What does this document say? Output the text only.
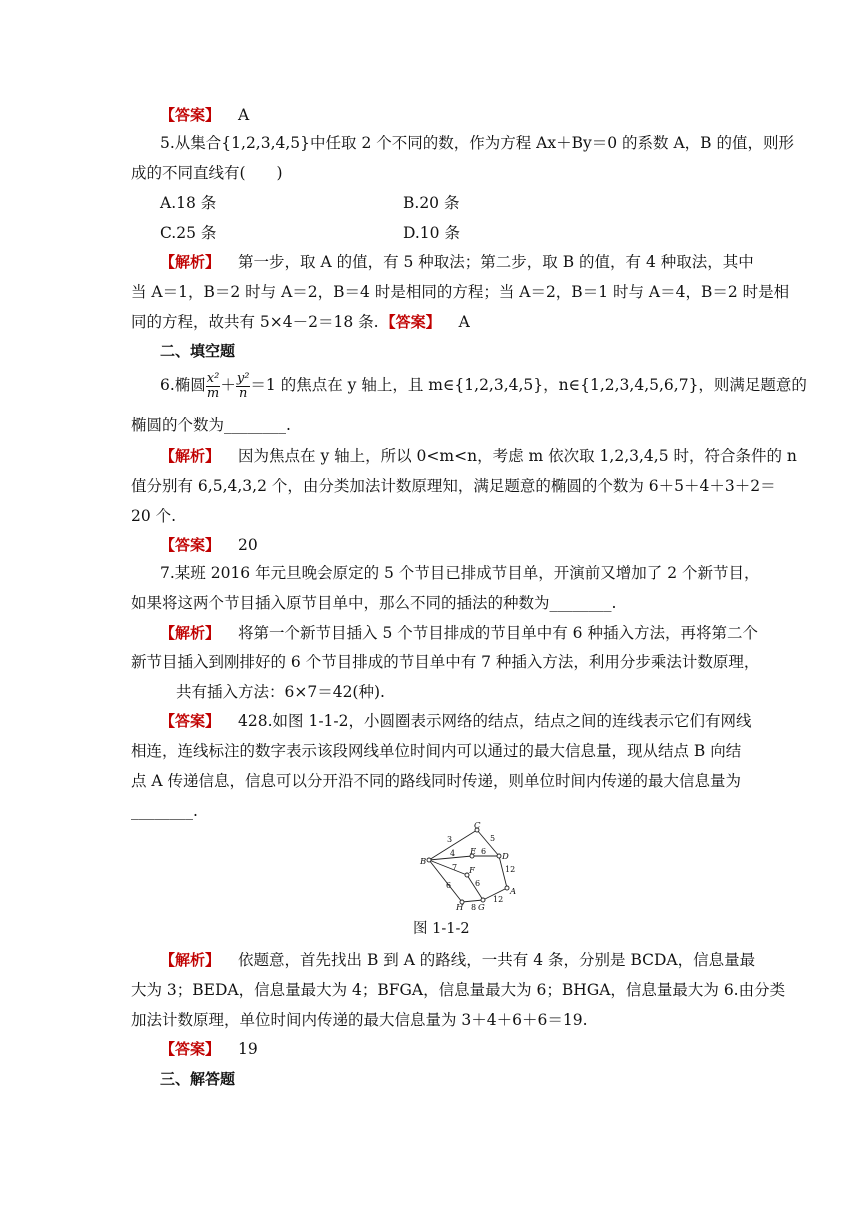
【答案】 A
5.从集合{1,2,3,4,5}中任取 2 个不同的数，作为方程 Ax＋By＝0 的系数 A，B 的值，则形
成的不同直线有(　　)
A.18 条	B.20 条
C.25 条	D.10 条
【解析】 第一步，取 A 的值，有 5 种取法；第二步，取 B 的值，有 4 种取法，其中
当 A＝1，B＝2 时与 A＝2，B＝4 时是相同的方程；当 A＝2，B＝1 时与 A＝4，B＝2 时是相
同的方程，故共有 5×4－2＝18 条. 【答案】 A
二、填空题
6.椭圆 $\frac{\text{x²}}{m} + \frac{\text{y²}}{n} =1$ 的焦点在 y 轴上，且 m∈{1,2,3,4,5}，n∈{1,2,3,4,5,6,7}，则满足题意的
椭圆的个数为________.
【解析】 因为焦点在 y 轴上，所以 0<m<n，考虑 m 依次取 1,2,3,4,5 时，符合条件的 n
值分别有 6,5,4,3,2 个，由分类加法计数原理知，满足题意的椭圆的个数为 6＋5＋4＋3＋2＝
20 个.
【答案】 20
7.某班 2016 年元旦晚会原定的 5 个节目已排成节目单，开演前又增加了 2 个新节目，
如果将这两个节目插入原节目单中，那么不同的插法的种数为________.
【解析】 将第一个新节目插入 5 个节目排成的节目单中有 6 种插入方法，再将第二个
新节目插入到刚排好的 6 个节目排成的节目单中有 7 种插入方法，利用分步乘法计数原理，
共有插入方法：6×7＝42(种).
【答案】 428.如图 1-1-2，小圆圈表示网络的结点，结点之间的连线表示它们有网线
相连，连线标注的数字表示该段网线单位时间内可以通过的最大信息量，现从结点 B 向结
点 A 传递信息，信息可以分开沿不同的路线同时传递，则单位时间内传递的最大信息量为
________.
B
C
D
E
F
H G
A
3	5
4	6
12
7
6
6
8
12
图 1-1-2
【解析】 依题意，首先找出 B 到 A 的路线，一共有 4 条，分别是 BCDA，信息量最
大为 3；BEDA，信息量最大为 4；BFGA，信息量最大为 6；BHGA，信息量最大为 6.由分类
加法计数原理，单位时间内传递的最大信息量为 3＋4＋6＋6＝19.
【答案】 19
三、解答题
